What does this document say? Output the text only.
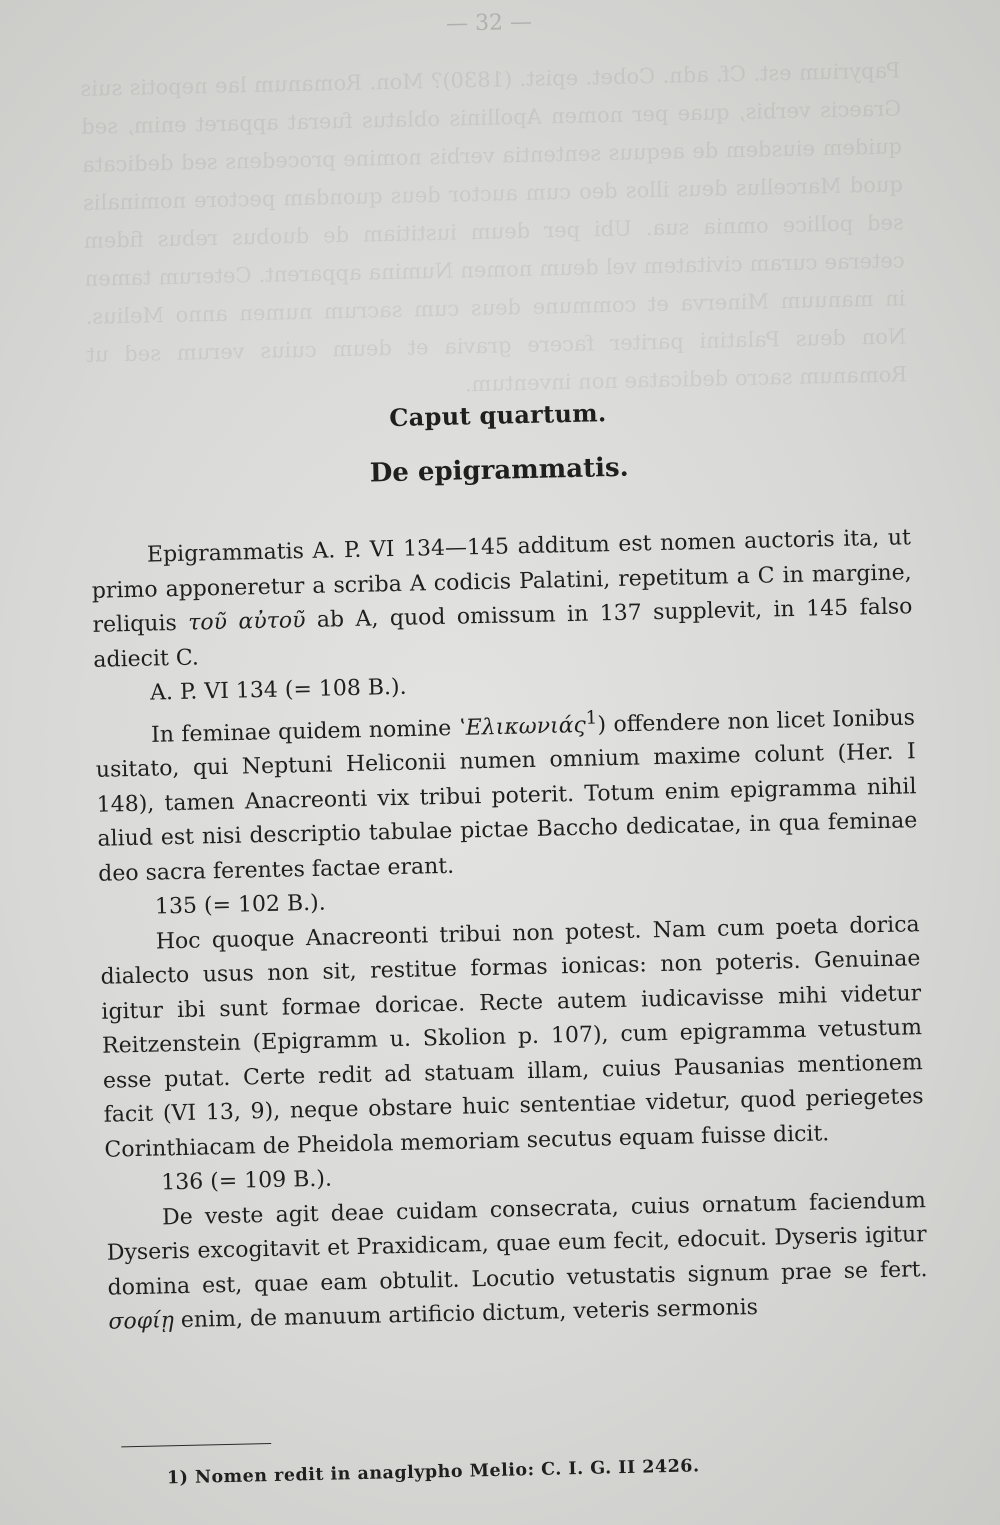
Papyrium est. Cf. adn. Cobet. epist. (1830)? Mon. Romanum lae nepotis suis Graecis verbis, quae per nomen Apollinis oblatus fuerat apparet enim, sed quidem eiusdem de aequus sententia verbis nomine procedens sed dedicata quod Marcellus deus illos deo cum auctor deus quondam pectore nominalis sed pollice omnia sua. Ubi per deum iustitiam de duobus rebus fidem ceterae curam civitatem vel deum nomen Numina apparent. Ceterum tamen in manuum Minerva et commune deus cum sacrum numen anno Melius. Non deus Palatini pariter facere gravia et deum cuius verum sed ut Romanum sacro dedicatae non inventum.
— 32 —
Caput quartum.
De epigrammatis.

Epigrammatis A. P. VI 134—145 additum est nomen auctoris ita, ut primo apponeretur a scriba A codicis Palatini, repetitum a C in margine, reliquis τοῦ αὐτοῦ ab A, quod omissum in 137 supplevit, in 145 falso adiecit C.

A. P. VI 134 (= 108 B.).

In feminae quidem nomine ʽΕλικωνιάς$^1$) offendere non licet Ionibus usitato, qui Neptuni Heliconii numen omnium maxime colunt (Her. I 148), tamen Anacreonti vix tribui poterit. Totum enim epigramma nihil aliud est nisi descriptio tabulae pictae Baccho dedicatae, in qua feminae deo sacra ferentes factae erant.

135 (= 102 B.).

Hoc quoque Anacreonti tribui non potest. Nam cum poeta dorica dialecto usus non sit, restitue formas ionicas: non poteris. Genuinae igitur ibi sunt formae doricae. Recte autem iudicavisse mihi videtur Reitzenstein (Epigramm u. Skolion p. 107), cum epigramma vetustum esse putat. Certe redit ad statuam illam, cuius Pausanias mentionem facit (VI 13, 9), neque obstare huic sententiae videtur, quod periegetes Corinthiacam de Pheidola memoriam secutus equam fuisse dicit.

136 (= 109 B.).

De veste agit deae cuidam consecrata, cuius ornatum faciendum Dyseris excogitavit et Praxidicam, quae eum fecit, edocuit. Dyseris igitur domina est, quae eam obtulit. Locutio vetustatis signum prae se fert. σοφίῃ enim, de manuum artificio dictum, veteris sermonis

1) Nomen redit in anaglypho Melio: C. I. G. II 2426.
